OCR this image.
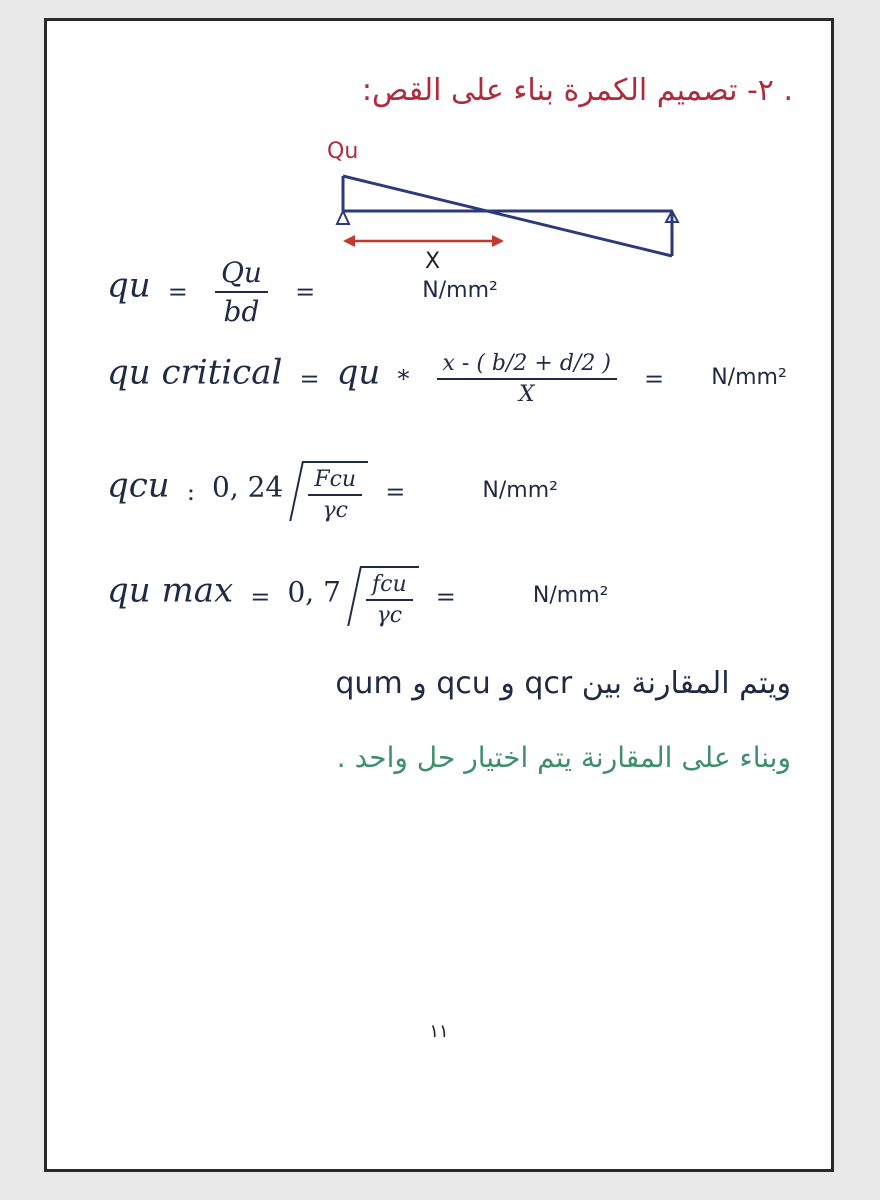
. ٢- تصميم الكمرة بناء على القص:
Qu
X
qu = $\frac{Qu}{bd}$ =	N/mm²
qu critical = qu * $\frac{x - ( b/2 + d/2 )}{X} = N/mm^2$
qcu : 0, $24 \frac{\text{Fcu}}{\gamma c}$ =	N/mm²
qu max = 0, $7 \frac{\text{fcu}}{\gamma c}$ =	N/mm²
ويتم المقارنة بين qcr و qcu و qum
وبناء على المقارنة يتم اختيار حل واحد .
١١
